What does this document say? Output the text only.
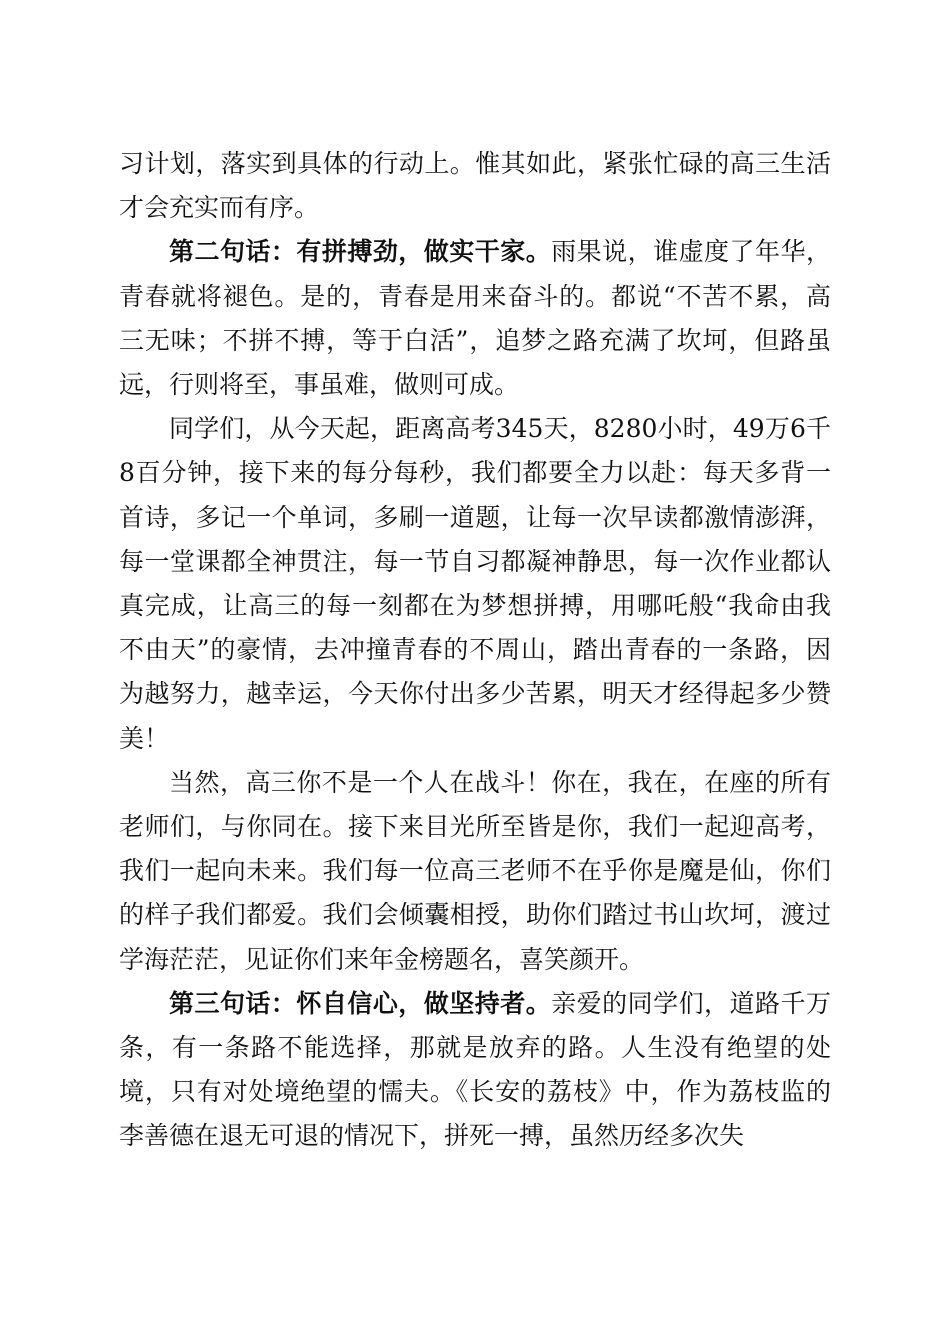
习计划，落实到具体的行动上。惟其如此，紧张忙碌的高三生活才会充实而有序。

第二句话：有拼搏劲，做实干家。雨果说，谁虚度了年华，青春就将褪色。是的，青春是用来奋斗的。都说“不苦不累，高三无味；不拼不搏，等于白活”，追梦之路充满了坎坷，但路虽远，行则将至，事虽难，做则可成。

同学们，从今天起，距离高考345天，8280小时，49万6千8百分钟，接下来的每分每秒，我们都要全力以赴：每天多背一首诗，多记一个单词，多刷一道题，让每一次早读都激情澎湃，每一堂课都全神贯注，每一节自习都凝神静思，每一次作业都认真完成，让高三的每一刻都在为梦想拼搏，用哪吒般“我命由我不由天”的豪情，去冲撞青春的不周山，踏出青春的一条路，因为越努力，越幸运，今天你付出多少苦累，明天才经得起多少赞美！

当然，高三你不是一个人在战斗！你在，我在，在座的所有老师们，与你同在。接下来目光所至皆是你，我们一起迎高考，我们一起向未来。我们每一位高三老师不在乎你是魔是仙，你们的样子我们都爱。我们会倾囊相授，助你们踏过书山坎坷，渡过学海茫茫，见证你们来年金榜题名，喜笑颜开。

第三句话：怀自信心，做坚持者。亲爱的同学们，道路千万条，有一条路不能选择，那就是放弃的路。人生没有绝望的处境，只有对处境绝望的懦夫。《长安的荔枝》中，作为荔枝监的李善德在退无可退的情况下，拼死一搏，虽然历经多次失
